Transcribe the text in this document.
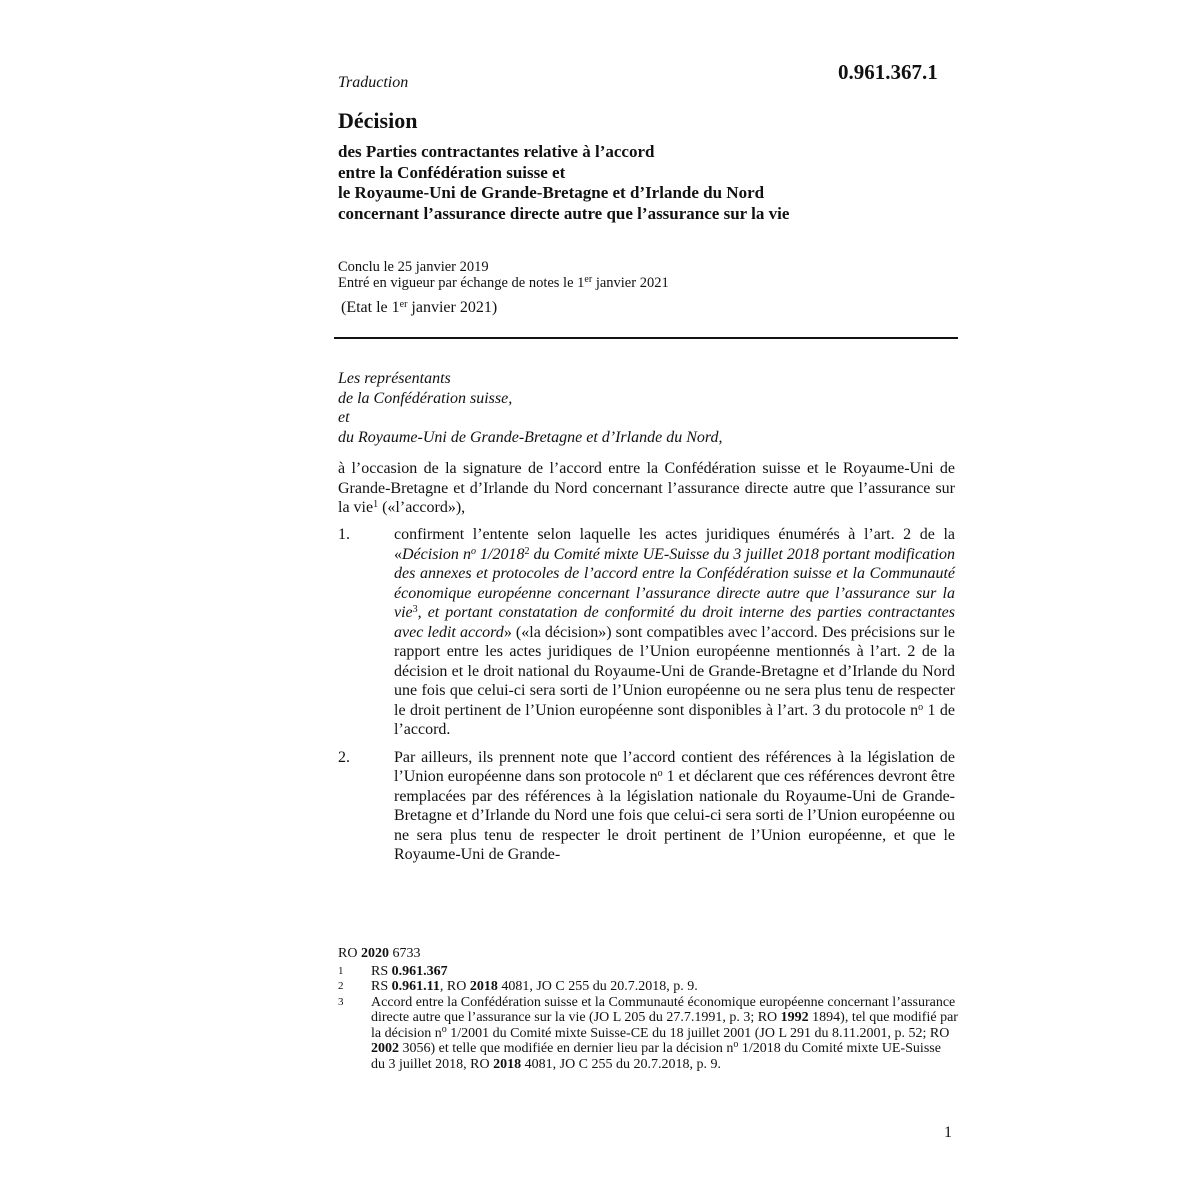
Traduction	0.961.367.1
Décision
des Parties contractantes relative à l’accord
entre la Confédération suisse et
le Royaume-Uni de Grande-Bretagne et d’Irlande du Nord
concernant l’assurance directe autre que l’assurance sur la vie
Conclu le 25 janvier 2019
Entré en vigueur par échange de notes le 1er janvier 2021
(Etat le 1er janvier 2021)
Les représentants
de la Confédération suisse,
et
du Royaume-Uni de Grande-Bretagne et d’Irlande du Nord,
à l’occasion de la signature de l’accord entre la Confédération suisse et le Royaume-Uni de Grande-Bretagne et d’Irlande du Nord concernant l’assurance directe autre que l’assurance sur la vie$^1$ («l’accord»),
1.	confirment l’entente selon laquelle les actes juridiques énumérés à l’art. 2 de la «Décision $n^o$ 1/2018$^2$ du Comité mixte UE-Suisse du 3 juillet 2018 portant modification des annexes et protocoles de l’accord entre la Confédération suisse et la Communauté économique européenne concernant l’assurance directe autre que l’assurance sur la vie$^3$, et portant constatation de conformité du droit interne des parties contractantes avec ledit accord» («la décision») sont compatibles avec l’accord. Des précisions sur le rapport entre les actes juridiques de l’Union européenne mentionnés à l’art. 2 de la décision et le droit national du Royaume-Uni de Grande-Bretagne et d’Irlande du Nord une fois que celui-ci sera sorti de l’Union européenne ou ne sera plus tenu de respecter le droit pertinent de l’Union européenne sont disponibles à l’art. 3 du protocole $n^o$ 1 de l’accord.
2.	Par ailleurs, ils prennent note que l’accord contient des références à la législation de l’Union européenne dans son protocole $n^o$ 1 et déclarent que ces références devront être remplacées par des références à la législation nationale du Royaume-Uni de Grande-Bretagne et d’Irlande du Nord une fois que celui-ci sera sorti de l’Union européenne ou ne sera plus tenu de respecter le droit pertinent de l’Union européenne, et que le Royaume-Uni de Grande-
RO 2020 6733
1	RS 0.961.367
2	RS 0.961.11, RO 2018 4081, JO C 255 du 20.7.2018, p. 9.
3	Accord entre la Confédération suisse et la Communauté économique européenne concernant l’assurance directe autre que l’assurance sur la vie (JO L 205 du 27.7.1991, p. 3; RO 1992 1894), tel que modifié par la décision $n^o$ 1/2001 du Comité mixte Suisse-CE du 18 juillet 2001 (JO L 291 du 8.11.2001, p. 52; RO 2002 3056) et telle que modifiée en dernier lieu par la décision $n^o$ 1/2018 du Comité mixte UE-Suisse du 3 juillet 2018, RO 2018 4081, JO C 255 du 20.7.2018, p. 9.
1
